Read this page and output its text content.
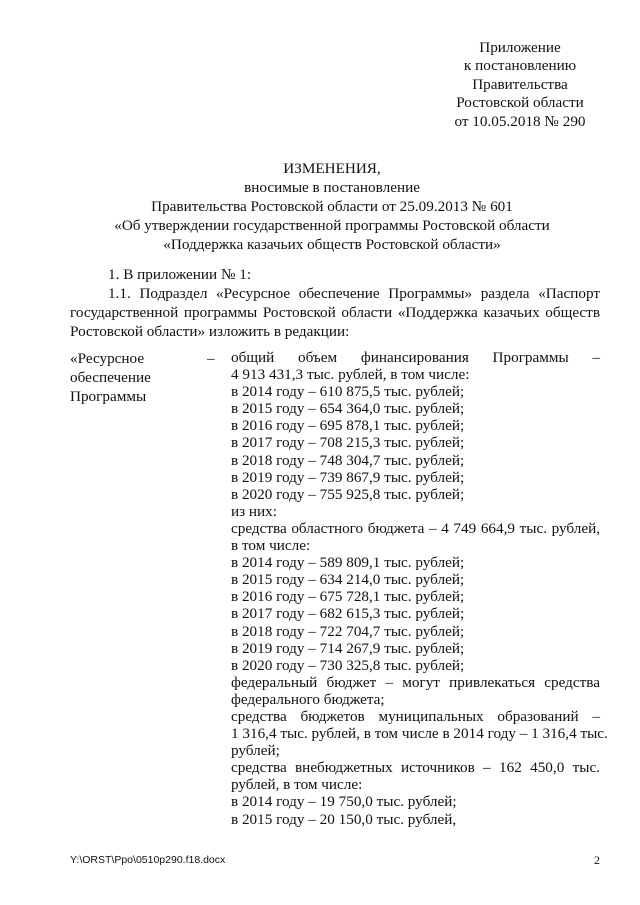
Приложение
к постановлению
Правительства
Ростовской области
от 10.05.2018 № 290
ИЗМЕНЕНИЯ,
вносимые в постановление
Правительства Ростовской области от 25.09.2013 № 601
«Об утверждении государственной программы Ростовской области
«Поддержка казачьих обществ Ростовской области»
1. В приложении № 1:
1.1. Подраздел «Ресурсное обеспечение Программы» раздела «Паспорт
государственной программы Ростовской области «Поддержка казачьих обществ
Ростовской области» изложить в редакции:
«Ресурсное
обеспечение
Программы
– общий объем финансирования Программы –
4 913 431,3 тыс. рублей, в том числе:
в 2014 году – 610 875,5 тыс. рублей;
в 2015 году – 654 364,0 тыс. рублей;
в 2016 году – 695 878,1 тыс. рублей;
в 2017 году – 708 215,3 тыс. рублей;
в 2018 году – 748 304,7 тыс. рублей;
в 2019 году – 739 867,9 тыс. рублей;
в 2020 году – 755 925,8 тыс. рублей;
из них:
средства областного бюджета – 4 749 664,9 тыс. рублей,
в том числе:
в 2014 году – 589 809,1 тыс. рублей;
в 2015 году – 634 214,0 тыс. рублей;
в 2016 году – 675 728,1 тыс. рублей;
в 2017 году – 682 615,3 тыс. рублей;
в 2018 году – 722 704,7 тыс. рублей;
в 2019 году – 714 267,9 тыс. рублей;
в 2020 году – 730 325,8 тыс. рублей;
федеральный бюджет – могут привлекаться средства
федерального бюджета;
средства бюджетов муниципальных образований –
1 316,4 тыс. рублей, в том числе в 2014 году – 1 316,4 тыс.
рублей;
средства внебюджетных источников – 162 450,0 тыс.
рублей, в том числе:
в 2014 году – 19 750,0 тыс. рублей;
в 2015 году – 20 150,0 тыс. рублей,
Y:\ORST\Ppo\0510p290.f18.docx	2
